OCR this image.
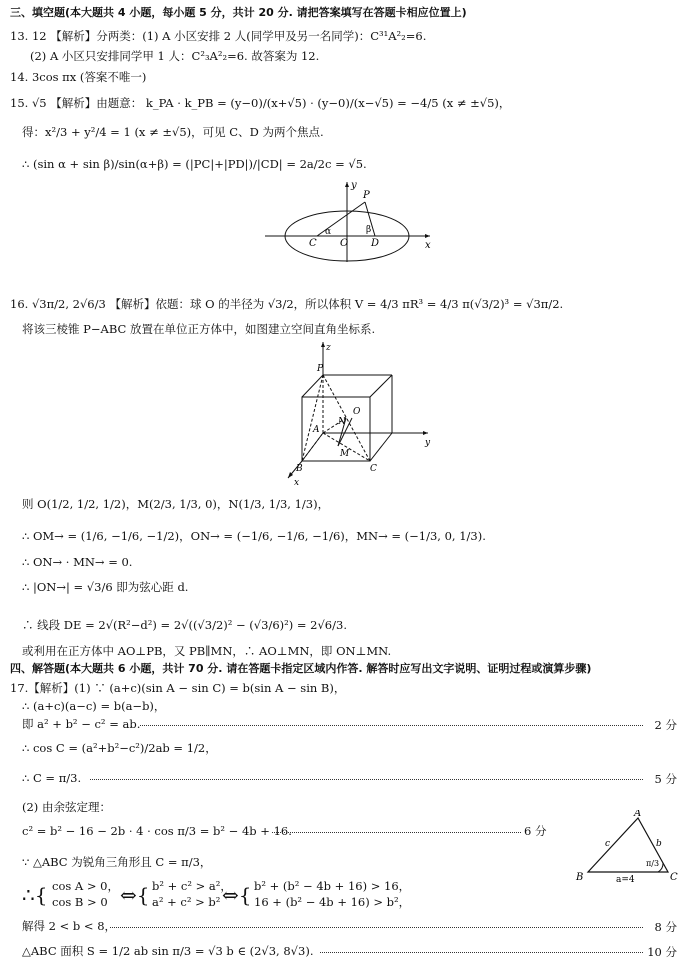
三、填空题(本大题共 4 小题，每小题 5 分，共计 20 分. 请把答案填写在答题卡相应位置上)
13. 12 【解析】分两类：(1) A 小区安排 2 人(同学甲及另一名同学)：C³¹A²₂=6.
(2) A 小区只安排同学甲 1 人：C²₃A²₂=6. 故答案为 12.
14. 3cos πx (答案不唯一)
15. √5 【解析】由题意： k_PA · k_PB = (y−0)/(x+√5) · (y−0)/(x−√5) = −4/5 (x ≠ ±√5)，
得：x²/3 + y²/4 = 1 (x ≠ ±√5)，可见 C、D 为两个焦点.
∴ (sin α + sin β)/sin(α+β) = (|PC|+|PD|)/|CD| = 2a/2c = √5.
x
y
P
C O D
α	β
16. √3π/2, 2√6/3 【解析】依题：球 O 的半径为 √3/2，所以体积 V = 4/3 πR³ = 4/3 π(√3/2)³ = √3π/2.
将该三棱锥 P−ABC 放置在单位正方体中，如图建立空间直角坐标系.
z
y
x
P
A
O
N
M
B	C
则 O(1/2, 1/2, 1/2)，M(2/3, 1/3, 0)，N(1/3, 1/3, 1/3)，
∴ OM→ = (1/6, −1/6, −1/2)，ON→ = (−1/6, −1/6, −1/6)，MN→ = (−1/3, 0, 1/3).
∴ ON→ · MN→ = 0.
∴ |ON→| = √3/6 即为弦心距 d.
∴ 线段 DE = 2√(R²−d²) = 2√((√3/2)² − (√3/6)²) = 2√6/3.
或利用在正方体中 AO⊥PB，又 PB∥MN，∴ AO⊥MN，即 ON⊥MN.
四、解答题(本大题共 6 小题，共计 70 分. 请在答题卡指定区域内作答. 解答时应写出文字说明、证明过程或演算步骤)
17.【解析】(1) ∵ (a+c)(sin A − sin C) = b(sin A − sin B)，
∴ (a+c)(a−c) = b(a−b)，
即 a² + b² − c² = ab.	2 分
∴ cos C = (a²+b²−c²)/2ab = 1/2，
∴ C = π/3.	5 分
(2) 由余弦定理：
c² = b² − 16 − 2b · 4 · cos π/3 = b² − 4b + 16.	6 分
∵ △ABC 为锐角三角形且 C = π/3，
∴{ cos A > 0，
cos B > 0 ⇔{ b² + c² > a²，
a² + c² > b² ⇔{ b² + (b² − 4b + 16) > 16，
16 + (b² − 4b + 16) > b²，
解得 2 < b < 8，	8 分
△ABC 面积 S = 1/2 ab sin π/3 = √3 b ∈ (2√3, 8√3).	10 分
A
B	C
b
c
π/3
a=4
